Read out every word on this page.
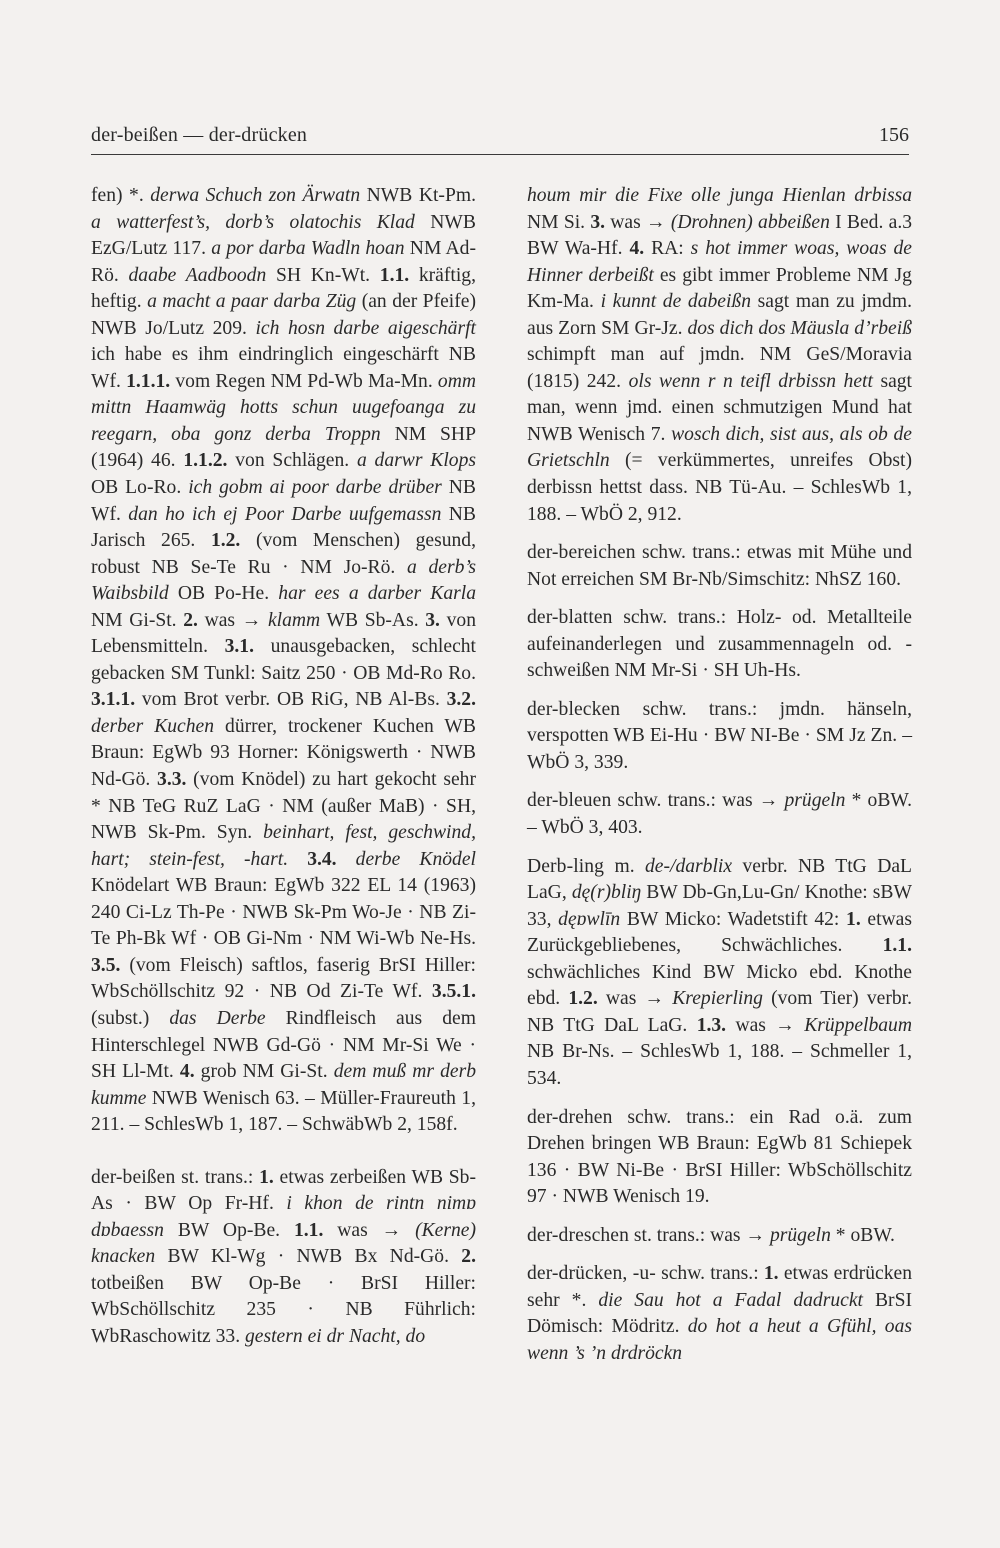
der-beißen — der-drücken	156

fen) *. derwa Schuch zon Ärwatn NWB Kt-Pm. a watterfest’s, dorb’s olatochis Klad NWB EzG/Lutz 117. a por darba Wadln hoan NM Ad-Rö. daabe Aadboodn SH Kn-Wt. 1.1. kräftig, heftig. a macht a paar darba Züg (an der Pfeife) NWB Jo/Lutz 209. ich hosn darbe aigeschärft ich habe es ihm eindringlich eingeschärft NB Wf. 1.1.1. vom Regen NM Pd-Wb Ma-Mn. omm mittn Haamwäg hotts schun uugefoanga zu reegarn, oba gonz derba Troppn NM SHP (1964) 46. 1.1.2. von Schlägen. a darwr Klops OB Lo-Ro. ich gobm ai poor darbe drüber NB Wf. dan ho ich ej Poor Darbe uufgemassn NB Jarisch 265. 1.2. (vom Menschen) gesund, robust NB Se-Te Ru · NM Jo-Rö. a derb’s Waibsbild OB Po-He. har ees a darber Karla NM Gi-St. 2. was → klamm WB Sb-As. 3. von Lebensmitteln. 3.1. unausgebacken, schlecht gebacken SM Tunkl: Saitz 250 · OB Md-Ro Ro. 3.1.1. vom Brot verbr. OB RiG, NB Al-Bs. 3.2. derber Kuchen dürrer, trockener Kuchen WB Braun: EgWb 93 Horner: Königswerth · NWB Nd-Gö. 3.3. (vom Knödel) zu hart gekocht sehr * NB TeG RuZ LaG · NM (außer MaB) · SH, NWB Sk-Pm. Syn. beinhart, fest, geschwind, hart; stein-fest, -hart. 3.4. derbe Knödel Knödelart WB Braun: EgWb 322 EL 14 (1963) 240 Ci-Lz Th-Pe · NWB Sk-Pm Wo-Je · NB Zi-Te Ph-Bk Wf · OB Gi-Nm · NM Wi-Wb Ne-Hs. 3.5. (vom Fleisch) saftlos, faserig BrSI Hiller: WbSchöllschitz 92 · NB Od Zi-Te Wf. 3.5.1. (subst.) das Derbe Rindfleisch aus dem Hinterschlegel NWB Gd-Gö · NM Mr-Si We · SH Ll-Mt. 4. grob NM Gi-St. dem muß mr derb kumme NWB Wenisch 63. – Müller-Fraureuth 1, 211. – SchlesWb 1, 187. – SchwäbWb 2, 158f.

der-beißen st. trans.: 1. etwas zerbeißen WB Sb-As · BW Op Fr-Hf. i khon de rintn nimɒ dɒbaessn BW Op-Be. 1.1. was → (Kerne) knacken BW Kl-Wg · NWB Bx Nd-Gö. 2. totbeißen BW Op-Be · BrSI Hiller: WbSchöllschitz 235 · NB Führlich: WbRaschowitz 33. gestern ei dr Nacht, do

houm mir die Fixe olle junga Hienlan drbissa NM Si. 3. was → (Drohnen) abbeißen I Bed. a.3 BW Wa-Hf. 4. RA: s hot immer woas, woas de Hinner derbeißt es gibt immer Probleme NM Jg Km-Ma. i kunnt de dabeißn sagt man zu jmdm. aus Zorn SM Gr-Jz. dos dich dos Mäusla d’rbeiß schimpft man auf jmdn. NM GeS/Moravia (1815) 242. ols wenn r n teifl drbissn hett sagt man, wenn jmd. einen schmutzigen Mund hat NWB Wenisch 7. wosch dich, sist aus, als ob de Grietschln (= verkümmertes, unreifes Obst) derbissn hettst dass. NB Tü-Au. – SchlesWb 1, 188. – WbÖ 2, 912.

der-bereichen schw. trans.: etwas mit Mühe und Not erreichen SM Br-Nb/Simschitz: NhSZ 160.

der-blatten schw. trans.: Holz- od. Metallteile aufeinanderlegen und zusammennageln od. -schweißen NM Mr-Si · SH Uh-Hs.

der-blecken schw. trans.: jmdn. hänseln, verspotten WB Ei-Hu · BW NI-Be · SM Jz Zn. – WbÖ 3, 339.

der-bleuen schw. trans.: was → prügeln * oBW. – WbÖ 3, 403.

Derb-ling m. de-/darblix verbr. NB TtG DaL LaG, dę(r)bliŋ BW Db-Gn,Lu-Gn/ Knothe: sBW 33, dęɒwlīn BW Micko: Wadetstift 42: 1. etwas Zurückgebliebenes, Schwächliches. 1.1. schwächliches Kind BW Micko ebd. Knothe ebd. 1.2. was → Krepierling (vom Tier) verbr. NB TtG DaL LaG. 1.3. was → Krüppelbaum NB Br-Ns. – SchlesWb 1, 188. – Schmeller 1, 534.

der-drehen schw. trans.: ein Rad o.ä. zum Drehen bringen WB Braun: EgWb 81 Schiepek 136 · BW Ni-Be · BrSI Hiller: WbSchöllschitz 97 · NWB Wenisch 19.

der-dreschen st. trans.: was → prügeln * oBW.

der-drücken, -u- schw. trans.: 1. etwas erdrücken sehr *. die Sau hot a Fadal dadruckt BrSI Dömisch: Mödritz. do hot a heut a Gfühl, oas wenn ’s ’n drdröckn
